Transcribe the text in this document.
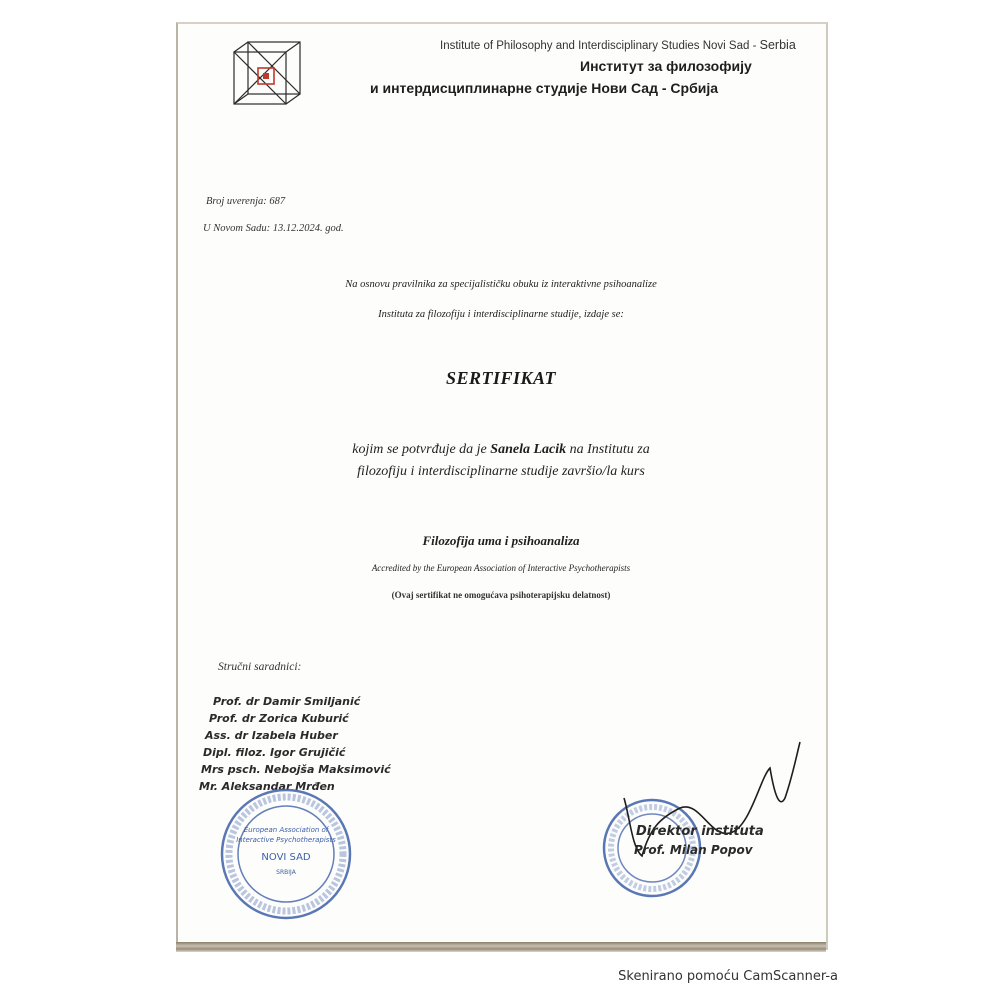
Institute of Philosophy and Interdisciplinary Studies Novi Sad - Serbia
Институт за филозофију
и интердисциплинарне студије Нови Сад - Србија
Broj uverenja: 687
U Novom Sadu: 13.12.2024. god.
Na osnovu pravilnika za specijalističku obuku iz interaktivne psihoanalize
Instituta za filozofiju i interdisciplinarne studije, izdaje se:
SERTIFIKAT
kojim se potvrđuje da je Sanela Lacik na Institutu za
filozofiju i interdisciplinarne studije završio/la kurs
Filozofija uma i psihoanaliza
Accredited by the European Association of Interactive Psychotherapists
(Ovaj sertifikat ne omogućava psihoterapijsku delatnost)
Stručni saradnici:
Prof. dr Damir Smiljanić
Prof. dr Zorica Kuburić
Ass. dr Izabela Huber
Dipl. filoz. Igor Grujičić
Mrs psch. Nebojša Maksimović
Mr. Aleksandar Mrđen
European Association of
Interactive Psychotherapists
NOVI SAD
SRBIJA
Direktor instituta
Prof. Milan Popov
Skenirano pomoću CamScanner-a
